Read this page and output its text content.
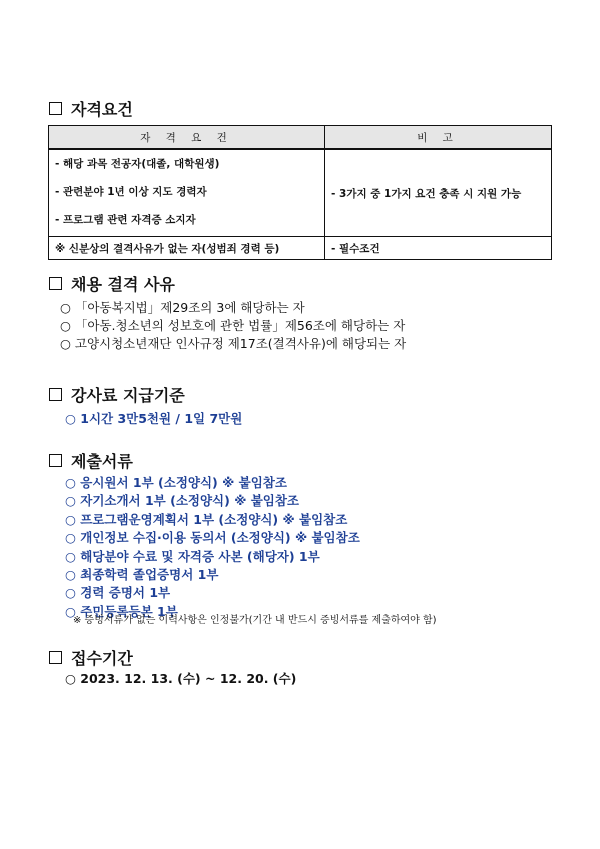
자격요건
자 격 요 건	비 고

- 해당 과목 전공자(대졸, 대학원생)
- 관련분야 1년 이상 지도 경력자
- 프로그램 관련 자격증 소지자	- 3가지 중 1가지 요건 충족 시 지원 가능
※ 신분상의 결격사유가 없는 자(성범죄 경력 등)	- 필수조건
채용 결격 사유
○ 「아동복지법」제29조의 3에 해당하는 자
○ 「아동.청소년의 성보호에 관한 법률」제56조에 해당하는 자
○ 고양시청소년재단 인사규정 제17조(결격사유)에 해당되는 자
강사료 지급기준
○ 1시간 3만5천원 / 1일 7만원
제출서류
○ 응시원서 1부 (소정양식) ※ 붙임참조
○ 자기소개서 1부 (소정양식) ※ 붙임참조
○ 프로그램운영계획서 1부 (소정양식) ※ 붙임참조
○ 개인정보 수집·이용 동의서 (소정양식) ※ 붙임참조
○ 해당분야 수료 및 자격증 사본 (해당자) 1부
○ 최종학력 졸업증명서 1부
○ 경력 증명서 1부
○ 주민등록등본 1부
※ 증빙서류가 없는 이력사항은 인정불가(기간 내 반드시 증빙서류를 제출하여야 함)
접수기간
○ 2023. 12. 13. (수) ~ 12. 20. (수)
